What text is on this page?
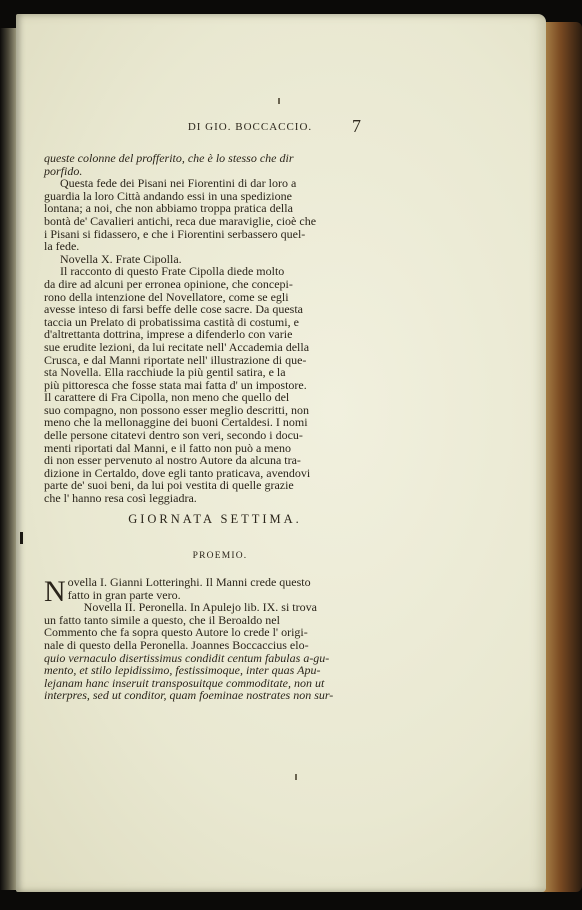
DI GIO. BOCCACCIO.	7
queste colonne del profferito, che è lo stesso che dir
porfido.
Questa fede dei Pisani nei Fiorentini di dar loro a
guardia la loro Città andando essi in una spedizione
lontana; a noi, che non abbiamo troppa pratica della
bontà de' Cavalieri antichi, reca due maraviglie, cioè che
i Pisani si fidassero, e che i Fiorentini serbassero quel-
la fede.
Novella X. Frate Cipolla.
Il racconto di questo Frate Cipolla diede molto
da dire ad alcuni per erronea opinione, che concepi-
rono della intenzione del Novellatore, come se egli
avesse inteso di farsi beffe delle cose sacre. Da questa
taccia un Prelato di probatissima castità di costumi, e
d'altrettanta dottrina, imprese a difenderlo con varie
sue erudite lezioni, da lui recitate nell' Accademia della
Crusca, e dal Manni riportate nell' illustrazione di que-
sta Novella. Ella racchiude la più gentil satira, e la
più pittoresca che fosse stata mai fatta d' un impostore.
Il carattere di Fra Cipolla, non meno che quello del
suo compagno, non possono esser meglio descritti, non
meno che la mellonaggine dei buoni Certaldesi. I nomi
delle persone citatevi dentro son veri, secondo i docu-
menti riportati dal Manni, e il fatto non può a meno
di non esser pervenuto al nostro Autore da alcuna tra-
dizione in Certaldo, dove egli tanto praticava, avendovi
parte de' suoi beni, da lui poi vestita di quelle grazie
che l' hanno resa così leggiadra.
GIORNATA SETTIMA.
PROEMIO.
N ovella I. Gianni Lotteringhi. Il Manni crede questo
fatto in gran parte vero.
Novella II. Peronella. In Apulejo lib. IX. si trova
un fatto tanto simile a questo, che il Beroaldo nel
Commento che fa sopra questo Autore lo crede l' origi-
nale di questo della Peronella. Joannes Boccaccius elo-
quio vernaculo disertissimus condidit centum fabulas a-gu-
mento, et stilo lepidissimo, festissimoque, inter quas Apu-
lejanam hanc inseruit transposuitque commoditate, non ut
interpres, sed ut conditor, quam foeminae nostrates non sur-
